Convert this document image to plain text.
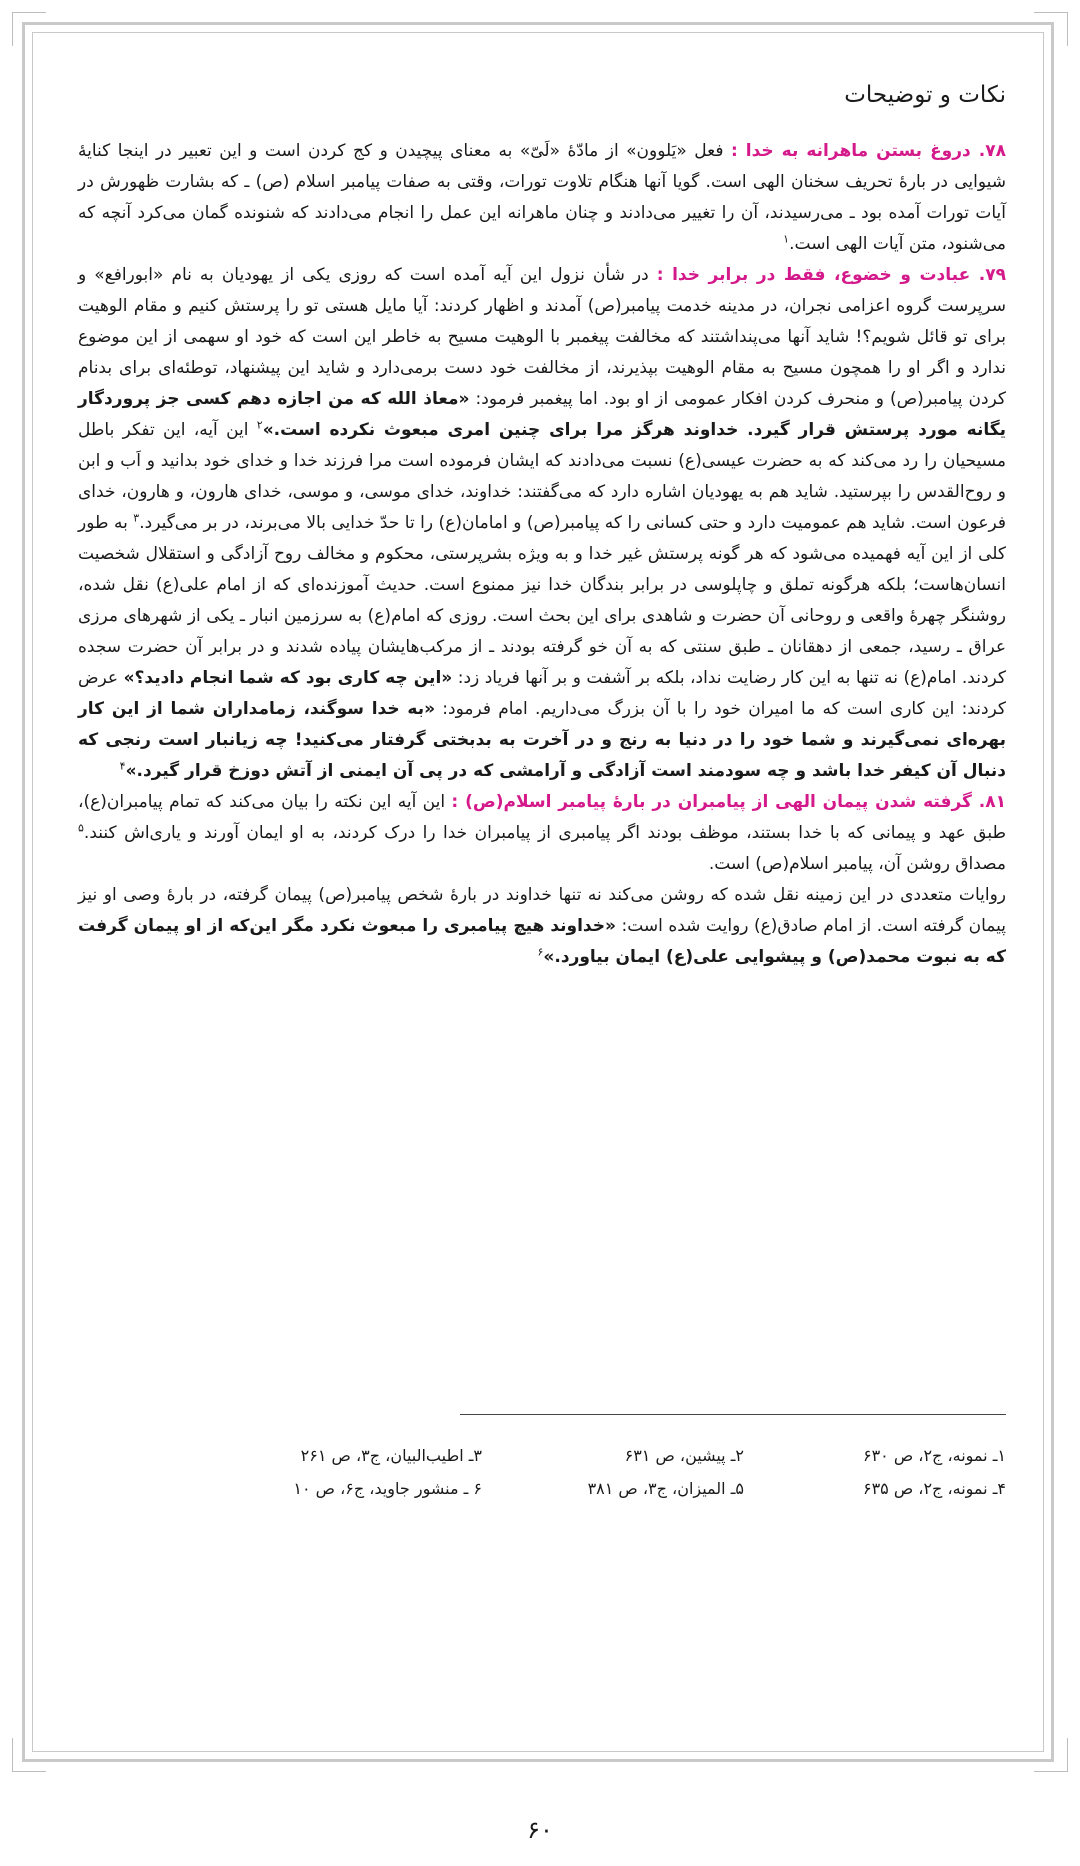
نکات و توضیحات

۷۸. دروغ بستن ماهرانه به خدا : فعل «یَلوون» از مادّهٔ «لَیّ» به معنای پیچیدن و کج کردن است و این تعبیر در اینجا کنایهٔ شیوایی در بارهٔ تحریف سخنان الهی است. گویا آنها هنگام تلاوت تورات، وقتی به صفات پیامبر اسلام (ص) ـ که بشارت ظهورش در آیات تورات آمده بود ـ می‌رسیدند، آن را تغییر می‌دادند و چنان ماهرانه این عمل را انجام می‌دادند که شنونده گمان می‌کرد آنچه که می‌شنود، متن آیات الهی است.$^۱$

۷۹. عبادت و خضوع، فقط در برابر خدا : در شأن نزول این آیه آمده است که روزی یکی از یهودیان به نام «ابورافع» و سرپرست گروه اعزامی نجران، در مدینه خدمت پیامبر(ص) آمدند و اظهار کردند: آیا مایل هستی تو را پرستش کنیم و مقام الوهیت برای تو قائل شویم؟! شاید آنها می‌پنداشتند که مخالفت پیغمبر با الوهیت مسیح به خاطر این است که خود او سهمی از این موضوع ندارد و اگر او را همچون مسیح به مقام الوهیت بپذیرند، از مخالفت خود دست برمی‌دارد و شاید این پیشنهاد، توطئه‌ای برای بدنام کردن پیامبر(ص) و منحرف کردن افکار عمومی از او بود. اما پیغمبر فرمود: «معاذ الله که من اجازه دهم کسی جز پروردگار یگانه مورد پرستش قرار گیرد. خداوند هرگز مرا برای چنین امری مبعوث نکرده است.»$^۲$ این آیه، این تفکر باطل مسیحیان را رد می‌کند که به حضرت عیسی(ع) نسبت می‌دادند که ایشان فرموده است مرا فرزند خدا و خدای خود بدانید و اَب و ابن و روح‌القدس را بپرستید. شاید هم به یهودیان اشاره دارد که می‌گفتند: خداوند، خدای موسی، و موسی، خدای هارون، و هارون، خدای فرعون است. شاید هم عمومیت دارد و حتی کسانی را که پیامبر(ص) و امامان(ع) را تا حدّ خدایی بالا می‌برند، در بر می‌گیرد.$^۳$ به طور کلی از این آیه فهمیده می‌شود که هر گونه پرستش غیر خدا و به ویژه بشرپرستی، محکوم و مخالف روح آزادگی و استقلال شخصیت انسان‌هاست؛ بلکه هرگونه تملق و چاپلوسی در برابر بندگان خدا نیز ممنوع است. حدیث آموزنده‌ای که از امام علی(ع) نقل شده، روشنگر چهرهٔ واقعی و روحانی آن حضرت و شاهدی برای این بحث است. روزی که امام(ع) به سرزمین انبار ـ یکی از شهرهای مرزی عراق ـ رسید، جمعی از دهقانان ـ طبق سنتی که به آن خو گرفته بودند ـ از مرکب‌هایشان پیاده شدند و در برابر آن حضرت سجده کردند. امام(ع) نه تنها به این کار رضایت نداد، بلکه بر آشفت و بر آنها فریاد زد: «این چه کاری بود که شما انجام دادید؟» عرض کردند: این کاری است که ما امیران خود را با آن بزرگ می‌داریم. امام فرمود: «به خدا سوگند، زمامداران شما از این کار بهره‌ای نمی‌گیرند و شما خود را در دنیا به رنج و در آخرت به بدبختی گرفتار می‌کنید! چه زیانبار است رنجی که دنبال آن کیفر خدا باشد و چه سودمند است آزادگی و آرامشی که در پی آن ایمنی از آتش دوزخ قرار گیرد.»$^۴$

۸۱. گرفته شدن پیمان الهی از پیامبران در بارهٔ پیامبر اسلام(ص) : این آیه این نکته را بیان می‌کند که تمام پیامبران(ع)، طبق عهد و پیمانی که با خدا بستند، موظف بودند اگر پیامبری از پیامبران خدا را درک کردند، به او ایمان آورند و یاری‌اش کنند.$^۵$ مصداق روشن آن، پیامبر اسلام(ص) است.

روایات متعددی در این زمینه نقل شده که روشن می‌کند نه تنها خداوند در بارهٔ شخص پیامبر(ص) پیمان گرفته، در بارهٔ وصی او نیز پیمان گرفته است. از امام صادق(ع) روایت شده است: «خداوند هیچ پیامبری را مبعوث نکرد مگر این‌که از او پیمان گرفت که به نبوت محمد(ص) و پیشوایی علی(ع) ایمان بیاورد.»$^۶$

۱ـ نمونه، ج۲، ص ۶۳۰
۲ـ پیشین، ص ۶۳۱
۳ـ اطیب‌البیان، ج۳، ص ۲۶۱
۴ـ نمونه، ج۲، ص ۶۳۵
۵ـ المیزان، ج۳، ص ۳۸۱
۶ ـ منشور جاوید، ج۶، ص ۱۰
۶۰
